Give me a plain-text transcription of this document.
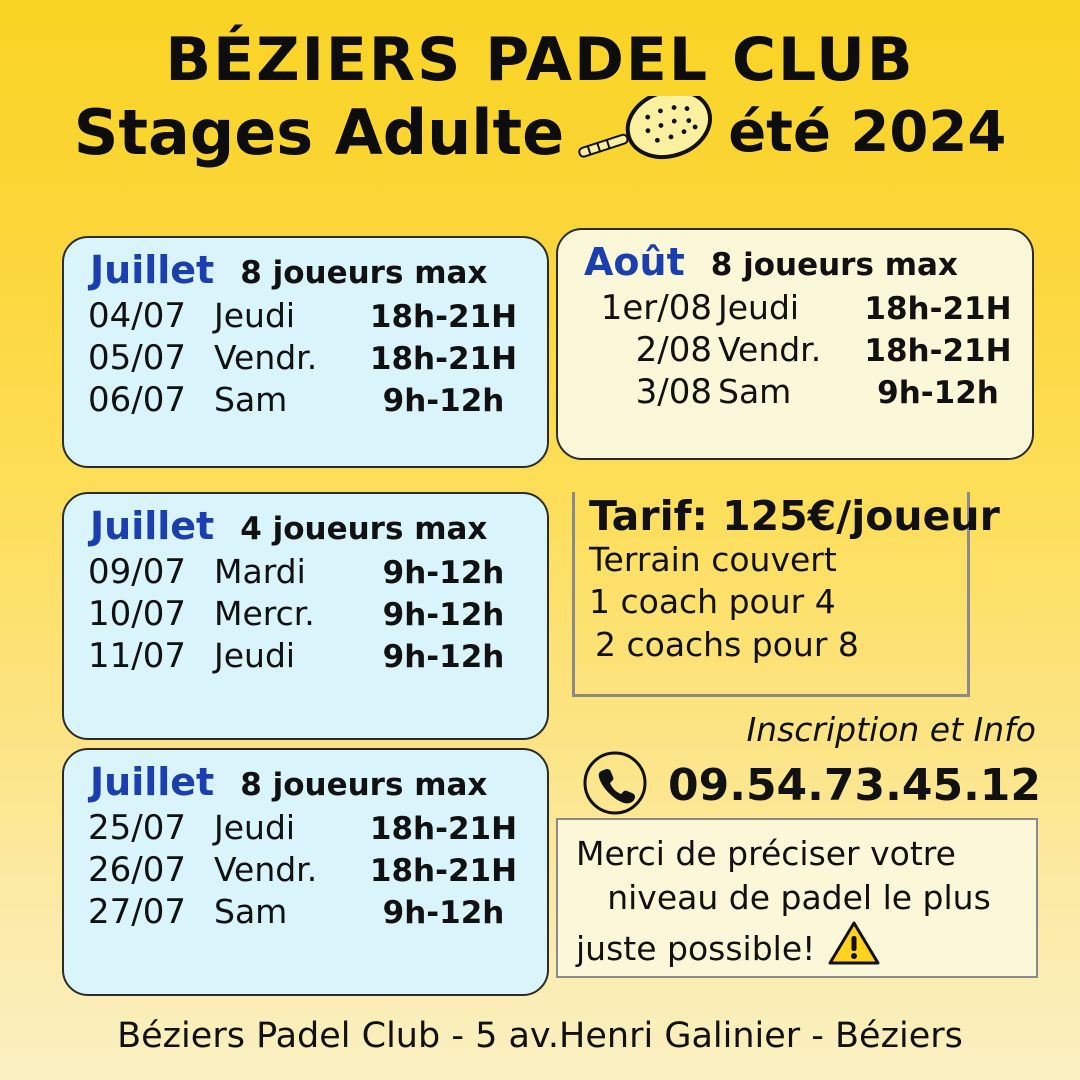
BÉZIERS PADEL CLUB
Stages Adulte	été 2024
Juillet 8 joueurs max
04/07 Jeudi	18h-21H
05/07 Vendr.	18h-21H
06/07 Sam	9h-12h
Août 8 joueurs max
1er/08 Jeudi	18h-21H
2/08 Vendr.	18h-21H
3/08 Sam	9h-12h
Juillet 4 joueurs max
09/07 Mardi	9h-12h
10/07 Mercr.	9h-12h
11/07 Jeudi	9h-12h
Juillet 8 joueurs max
25/07 Jeudi	18h-21H
26/07 Vendr.	18h-21H
27/07 Sam	9h-12h
Tarif: 125€/joueur
Terrain couvert
1 coach pour 4
2 coachs pour 8
Inscription et Info
09.54.73.45.12
Merci de préciser votre
niveau de padel le plus
juste possible!
Béziers Padel Club - 5 av.Henri Galinier - Béziers
